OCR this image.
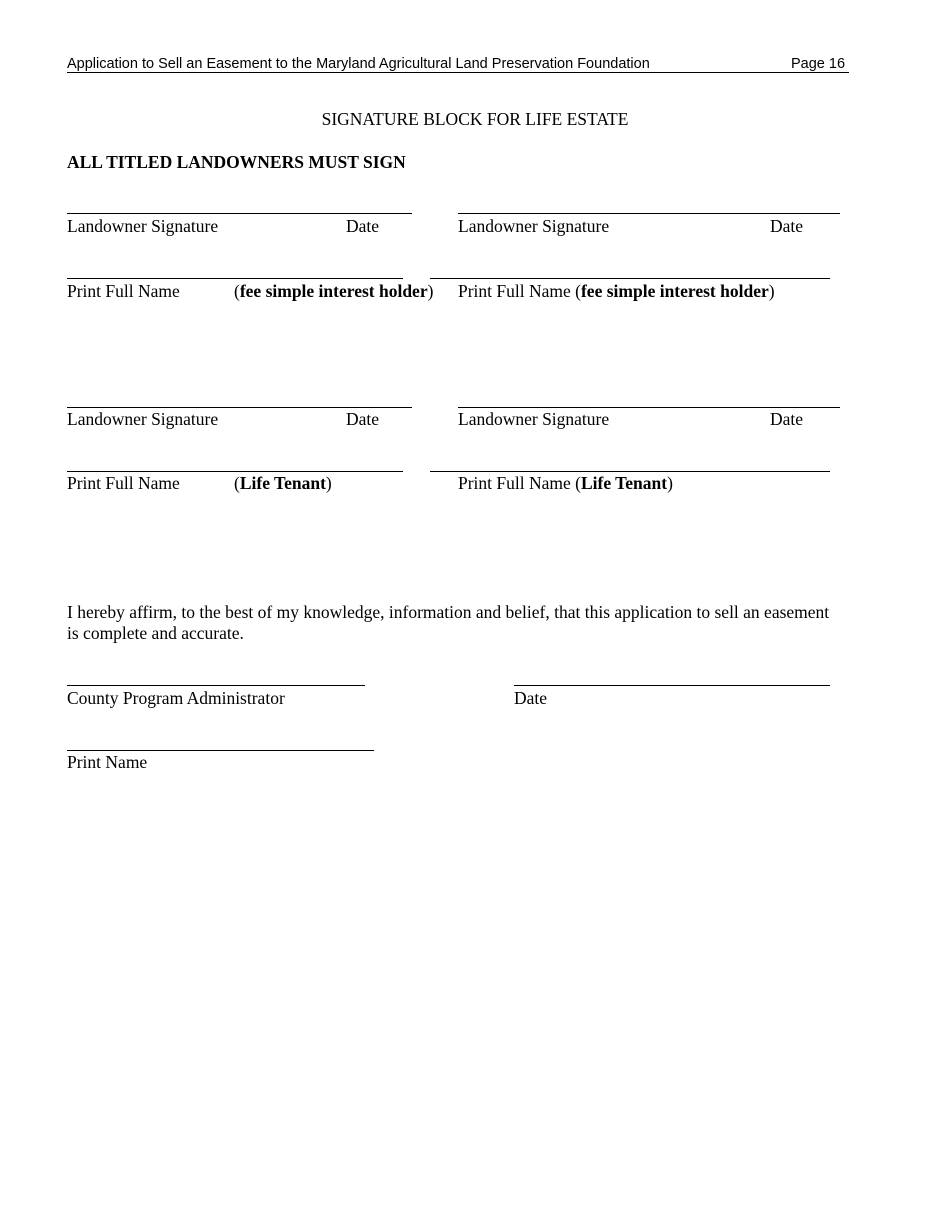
Application to Sell an Easement to the Maryland Agricultural Land Preservation Foundation	Page 16
SIGNATURE BLOCK FOR LIFE ESTATE
ALL TITLED LANDOWNERS MUST SIGN
Landowner Signature	Date	Landowner Signature	Date
Print Full Name	(fee simple interest holder) Print Full Name (fee simple interest holder)
Landowner Signature	Date	Landowner Signature	Date
Print Full Name	(Life Tenant)	Print Full Name (Life Tenant)
I hereby affirm, to the best of my knowledge, information and belief, that this application to sell an easement
is complete and accurate.
County Program Administrator	Date
Print Name
